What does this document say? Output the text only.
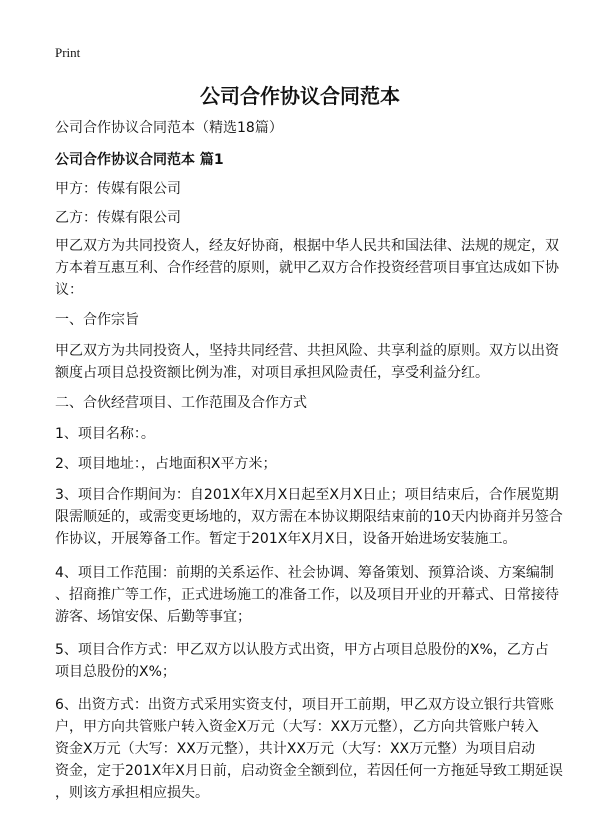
Print
公司合作协议合同范本
公司合作协议合同范本（精选18篇）
公司合作协议合同范本 篇1
甲方：传媒有限公司
乙方：传媒有限公司
甲乙双方为共同投资人，经友好协商，根据中华人民共和国法律、法规的规定，双
方本着互惠互利、合作经营的原则，就甲乙双方合作投资经营项目事宜达成如下协
议：
一、合作宗旨
甲乙双方为共同投资人，坚持共同经营、共担风险、共享利益的原则。双方以出资
额度占项目总投资额比例为准，对项目承担风险责任，享受利益分红。
二、合伙经营项目、工作范围及合作方式
1、项目名称：。
2、项目地址：，占地面积X平方米；
3、项目合作期间为：自201X年X月X日起至X月X日止；项目结束后，合作展览期
限需顺延的，或需变更场地的，双方需在本协议期限结束前的10天内协商并另签合
作协议，开展筹备工作。暂定于201X年X月X日，设备开始进场安装施工。
4、项目工作范围：前期的关系运作、社会协调、筹备策划、预算洽谈、方案编制
、招商推广等工作，正式进场施工的准备工作，以及项目开业的开幕式、日常接待
游客、场馆安保、后勤等事宜；
5、项目合作方式：甲乙双方以认股方式出资，甲方占项目总股份的X%，乙方占
项目总股份的X%；
6、出资方式：出资方式采用实资支付，项目开工前期，甲乙双方设立银行共管账
户，甲方向共管账户转入资金X万元（大写：XX万元整），乙方向共管账户转入
资金X万元（大写：XX万元整），共计XX万元（大写：XX万元整）为项目启动
资金，定于201X年X月日前，启动资金全额到位，若因任何一方拖延导致工期延误
，则该方承担相应损失。
